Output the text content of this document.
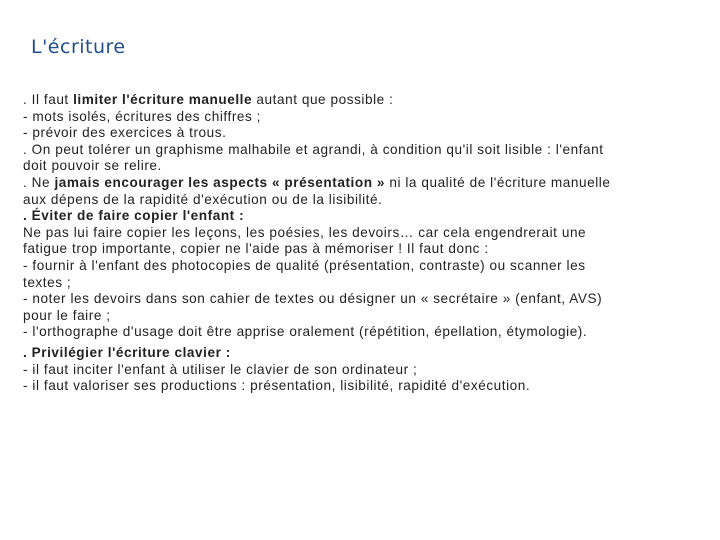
L'écriture
. Il faut limiter l'écriture manuelle autant que possible :
- mots isolés, écritures des chiffres ;
- prévoir des exercices à trous.
. On peut tolérer un graphisme malhabile et agrandi, à condition qu'il soit lisible : l'enfant
doit pouvoir se relire.
. Ne jamais encourager les aspects « présentation » ni la qualité de l'écriture manuelle
aux dépens de la rapidité d'exécution ou de la lisibilité.
. Éviter de faire copier l'enfant :
Ne pas lui faire copier les leçons, les poésies, les devoirs… car cela engendrerait une
fatigue trop importante, copier ne l'aide pas à mémoriser ! Il faut donc :
- fournir à l'enfant des photocopies de qualité (présentation, contraste) ou scanner les
textes ;
- noter les devoirs dans son cahier de textes ou désigner un « secrétaire » (enfant, AVS)
pour le faire ;
- l'orthographe d'usage doit être apprise oralement (répétition, épellation, étymologie).
. Privilégier l'écriture clavier :
- il faut inciter l'enfant à utiliser le clavier de son ordinateur ;
- il faut valoriser ses productions : présentation, lisibilité, rapidité d'exécution.
